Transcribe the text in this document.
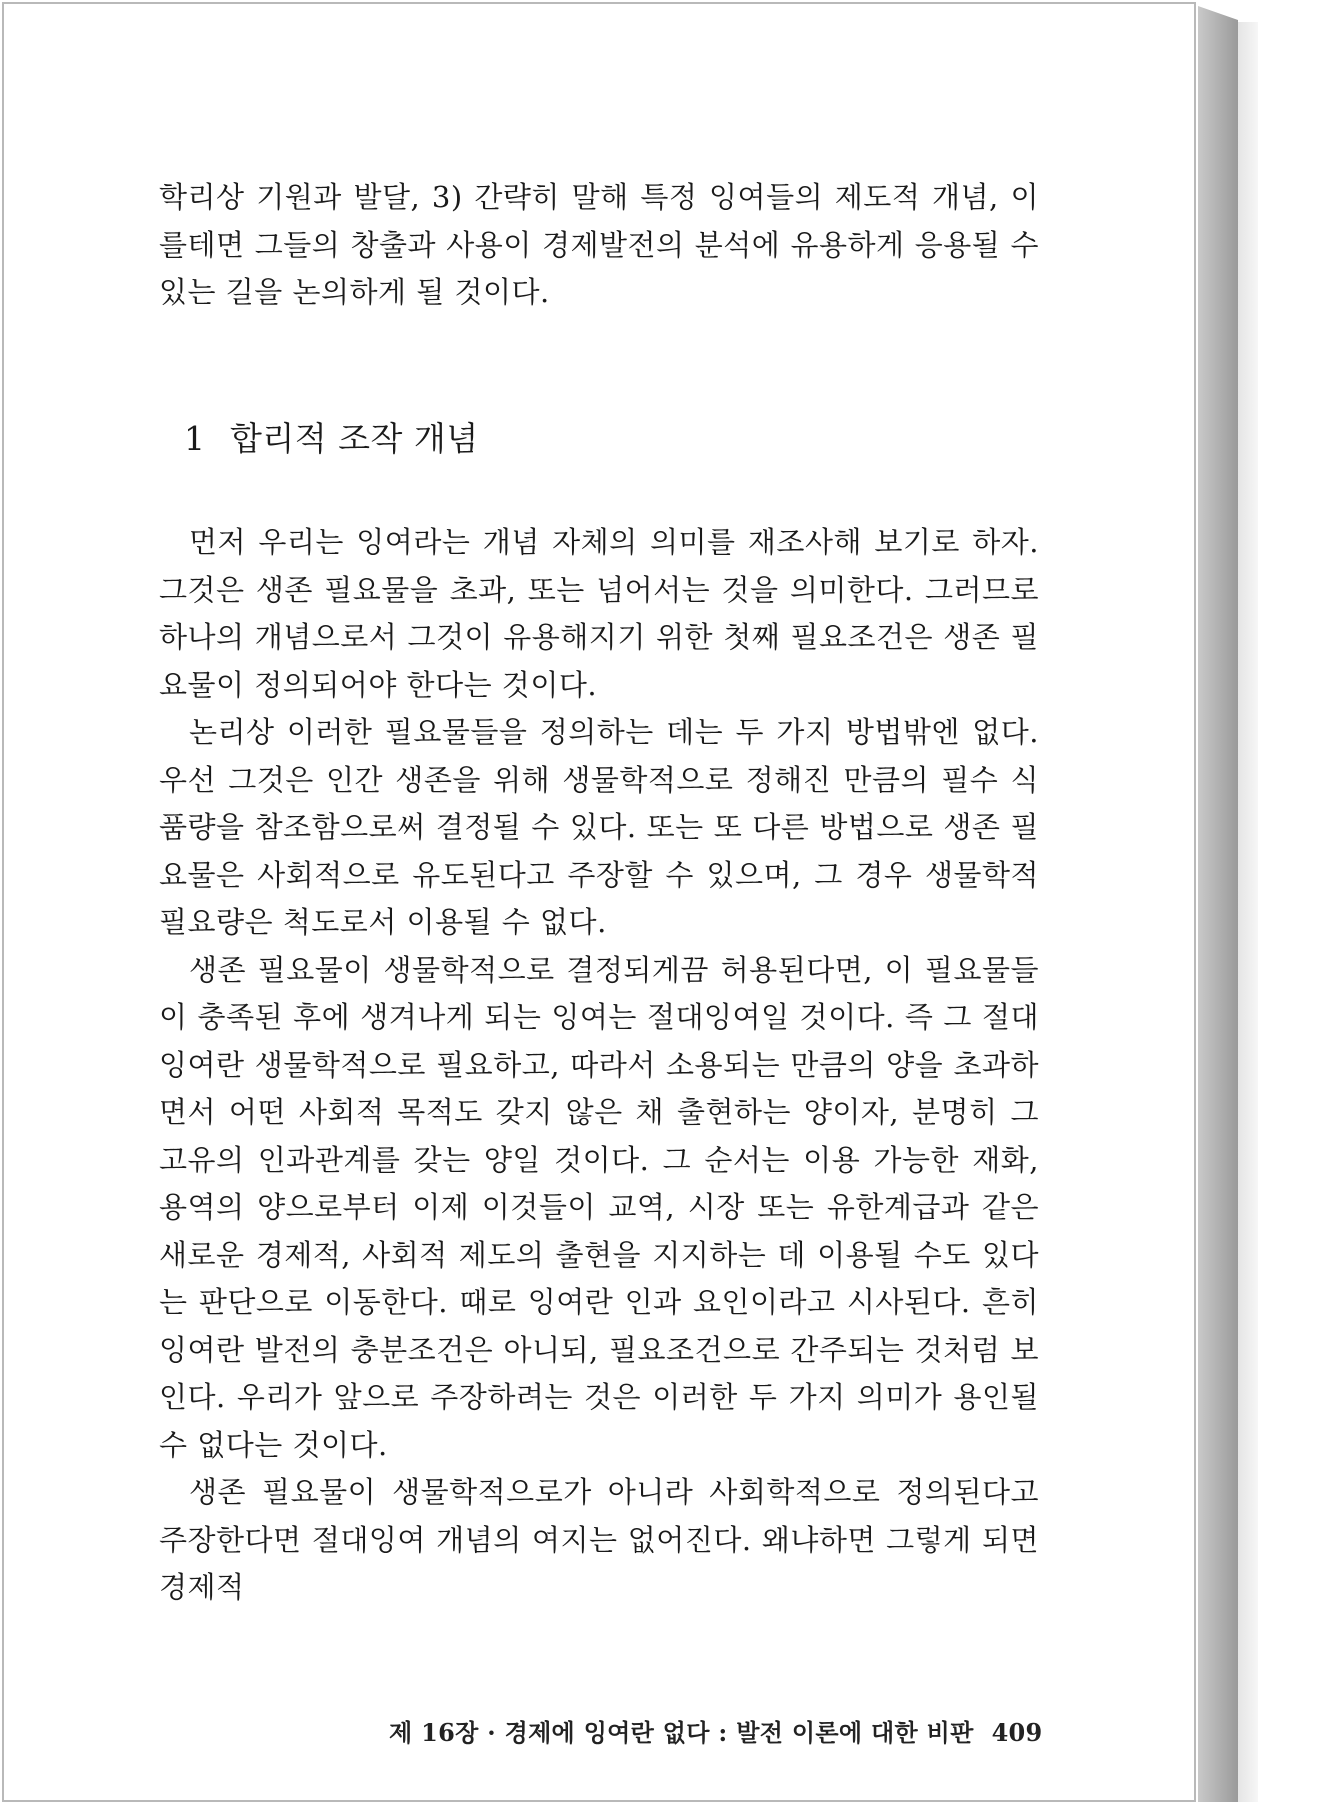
학리상 기원과 발달, 3) 간략히 말해 특정 잉여들의 제도적 개념, 이를테면 그들의 창출과 사용이 경제발전의 분석에 유용하게 응용될 수 있는 길을 논의하게 될 것이다.

1 합리적 조작 개념

먼저 우리는 잉여라는 개념 자체의 의미를 재조사해 보기로 하자. 그것은 생존 필요물을 초과, 또는 넘어서는 것을 의미한다. 그러므로 하나의 개념으로서 그것이 유용해지기 위한 첫째 필요조건은 생존 필요물이 정의되어야 한다는 것이다.

논리상 이러한 필요물들을 정의하는 데는 두 가지 방법밖엔 없다. 우선 그것은 인간 생존을 위해 생물학적으로 정해진 만큼의 필수 식품량을 참조함으로써 결정될 수 있다. 또는 또 다른 방법으로 생존 필요물은 사회적으로 유도된다고 주장할 수 있으며, 그 경우 생물학적 필요량은 척도로서 이용될 수 없다.

생존 필요물이 생물학적으로 결정되게끔 허용된다면, 이 필요물들이 충족된 후에 생겨나게 되는 잉여는 절대잉여일 것이다. 즉 그 절대잉여란 생물학적으로 필요하고, 따라서 소용되는 만큼의 양을 초과하면서 어떤 사회적 목적도 갖지 않은 채 출현하는 양이자, 분명히 그 고유의 인과관계를 갖는 양일 것이다. 그 순서는 이용 가능한 재화, 용역의 양으로부터 이제 이것들이 교역, 시장 또는 유한계급과 같은 새로운 경제적, 사회적 제도의 출현을 지지하는 데 이용될 수도 있다는 판단으로 이동한다. 때로 잉여란 인과 요인이라고 시사된다. 흔히 잉여란 발전의 충분조건은 아니되, 필요조건으로 간주되는 것처럼 보인다. 우리가 앞으로 주장하려는 것은 이러한 두 가지 의미가 용인될 수 없다는 것이다.

생존 필요물이 생물학적으로가 아니라 사회학적으로 정의된다고 주장한다면 절대잉여 개념의 여지는 없어진다. 왜냐하면 그렇게 되면 경제적

제 16장 · 경제에 잉여란 없다 : 발전 이론에 대한 비판 409
